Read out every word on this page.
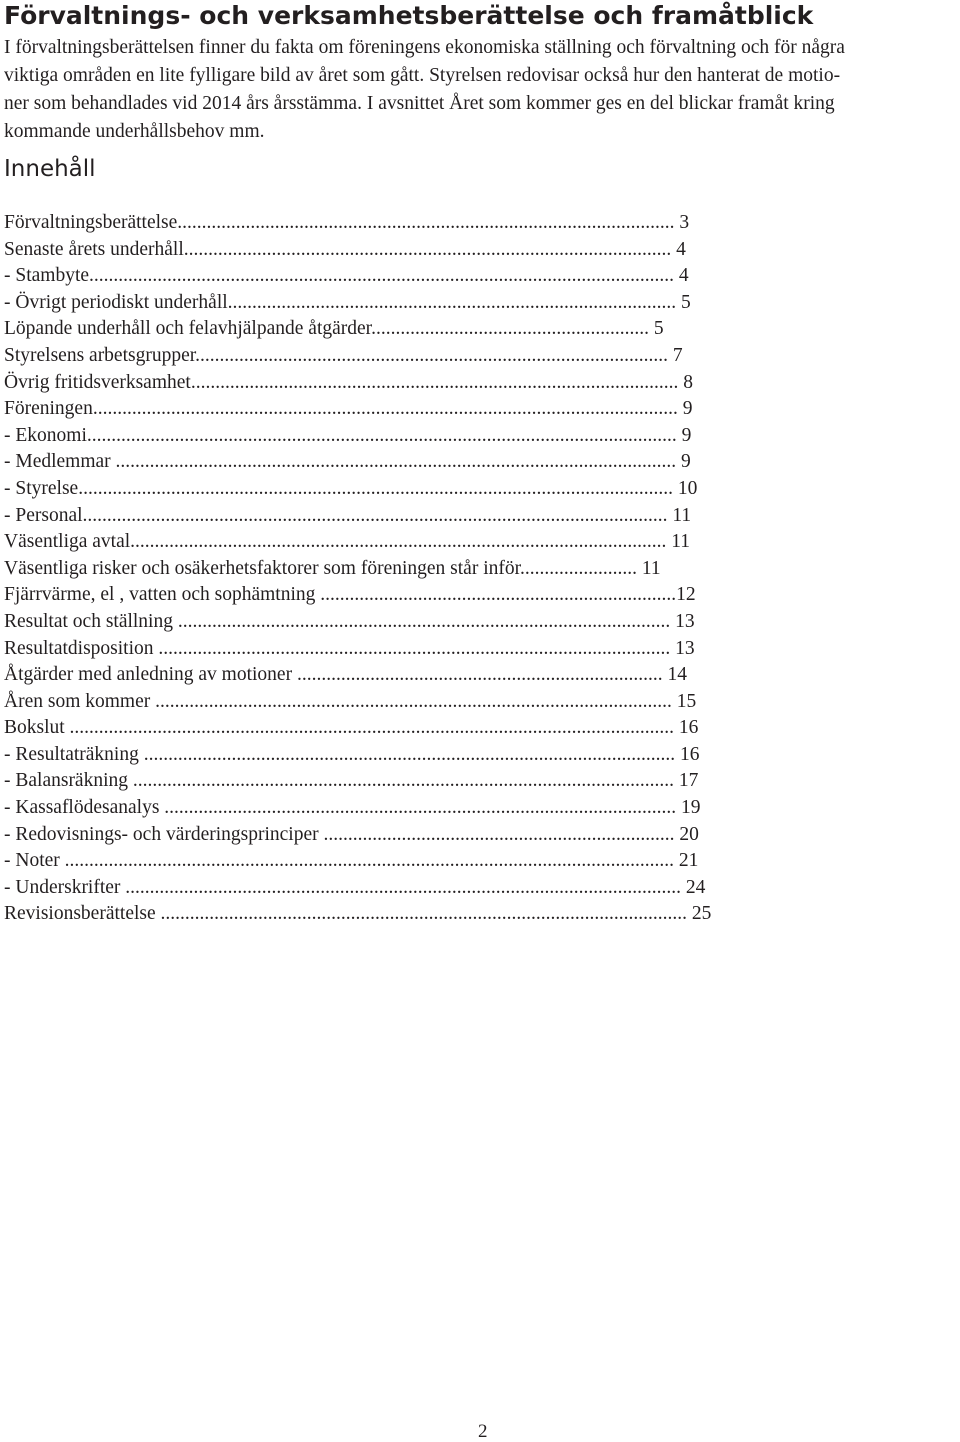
Förvaltnings- och verksamhetsberättelse och framåtblick
I förvaltningsberättelsen finner du fakta om föreningens ekonomiska ställning och förvaltning och för några
viktiga områden en lite fylligare bild av året som gått. Styrelsen redovisar också hur den hanterat de motio-
ner som behandlades vid 2014 års årsstämma. I avsnittet Året som kommer ges en del blickar framåt kring
kommande underhållsbehov mm.
Innehåll
Förvaltningsberättelse...................................................................................................... 3
Senaste årets underhåll.................................................................................................... 4
- Stambyte........................................................................................................................ 4
- Övrigt periodiskt underhåll............................................................................................ 5
Löpande underhåll och felavhjälpande åtgärder......................................................... 5
Styrelsens arbetsgrupper................................................................................................. 7
Övrig fritidsverksamhet.................................................................................................... 8
Föreningen........................................................................................................................ 9
- Ekonomi......................................................................................................................... 9
- Medlemmar ................................................................................................................... 9
- Styrelse.......................................................................................................................... 10
- Personal........................................................................................................................ 11
Väsentliga avtal.............................................................................................................. 11
Väsentliga risker och osäkerhetsfaktorer som föreningen står inför........................ 11
Fjärrvärme, el , vatten och sophämtning .........................................................................12
Resultat och ställning ..................................................................................................... 13
Resultatdisposition ......................................................................................................... 13
Åtgärder med anledning av motioner ........................................................................... 14
Åren som kommer .......................................................................................................... 15
Bokslut ............................................................................................................................ 16
- Resultaträkning ............................................................................................................. 16
- Balansräkning ............................................................................................................... 17
- Kassaflödesanalys ......................................................................................................... 19
- Redovisnings- och värderingsprinciper ........................................................................ 20
- Noter ............................................................................................................................. 21
- Underskrifter .................................................................................................................. 24
Revisionsberättelse ............................................................................................................ 25
2
